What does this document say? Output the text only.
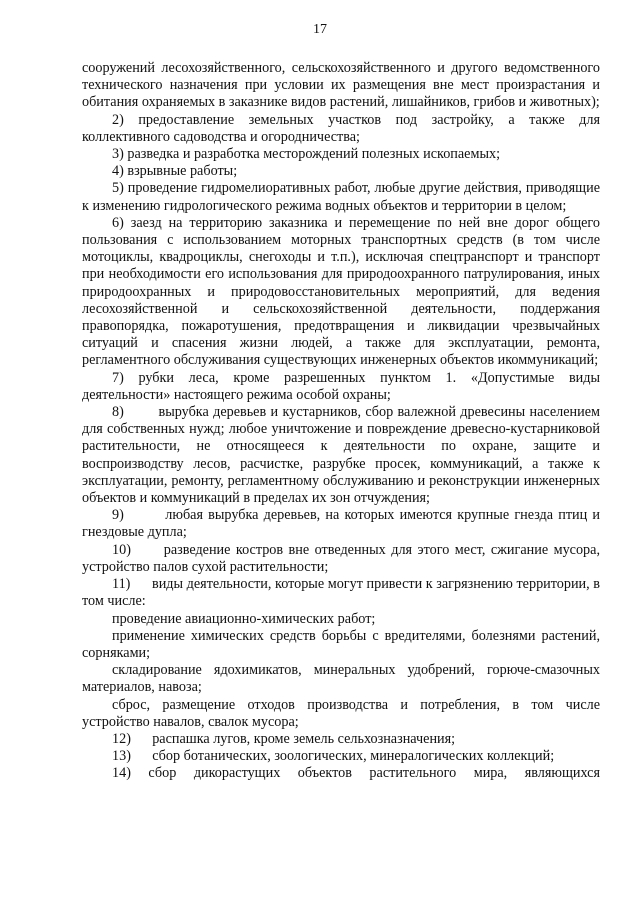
17

сооружений лесохозяйственного, сельскохозяйственного и другого ведомственного технического назначения при условии их размещения вне мест произрастания и обитания охраняемых в заказнике видов растений, лишайников, грибов и животных);

2) предоставление земельных участков под застройку, а также для коллективного садоводства и огородничества;

3) разведка и разработка месторождений полезных ископаемых;

4) взрывные работы;

5) проведение гидромелиоративных работ, любые другие действия, приводящие к изменению гидрологического режима водных объектов и территории в целом;

6) заезд на территорию заказника и перемещение по ней вне дорог общего пользования с использованием моторных транспортных средств (в том числе мотоциклы, квадроциклы, снегоходы и т.п.), исключая спецтранспорт и транспорт при необходимости его использования для природоохранного патрулирования, иных природоохранных и природовосстановительных мероприятий, для ведения лесохозяйственной и сельскохозяйственной деятельности, поддержания правопорядка, пожаротушения, предотвращения и ликвидации чрезвычайных ситуаций и спасения жизни людей, а также для эксплуатации, ремонта, регламентного обслуживания существующих инженерных объектов икоммуникаций;

7) рубки леса, кроме разрешенных пунктом 1. «Допустимые виды деятельности» настоящего режима особой охраны;

8)        вырубка деревьев и кустарников, сбор валежной древесины населением для собственных нужд; любое уничтожение и повреждение древесно-кустарниковой растительности, не относящееся к деятельности по охране, защите и воспроизводству лесов, расчистке, разрубке просек, коммуникаций, а также к эксплуатации, ремонту, регламентному обслуживанию и реконструкции инженерных объектов и коммуникаций в пределах их зон отчуждения;

9)        любая вырубка деревьев, на которых имеются крупные гнезда птиц и гнездовые дупла;

10)      разведение костров вне отведенных для этого мест, сжигание мусора, устройство палов сухой растительности;

11)      виды деятельности, которые могут привести к загрязнению территории, в том числе:

проведение авиационно-химических работ;

применение химических средств борьбы с вредителями, болезнями растений, сорняками;

складирование ядохимикатов, минеральных удобрений, горюче-смазочных материалов, навоза;

сброс, размещение отходов производства и потребления, в том числе устройство навалов, свалок мусора;

12)      распашка лугов, кроме земель сельхозназначения;

13)      сбор ботанических, зоологических, минералогических коллекций;

14) сбор дикорастущих объектов растительного мира, являющихся
